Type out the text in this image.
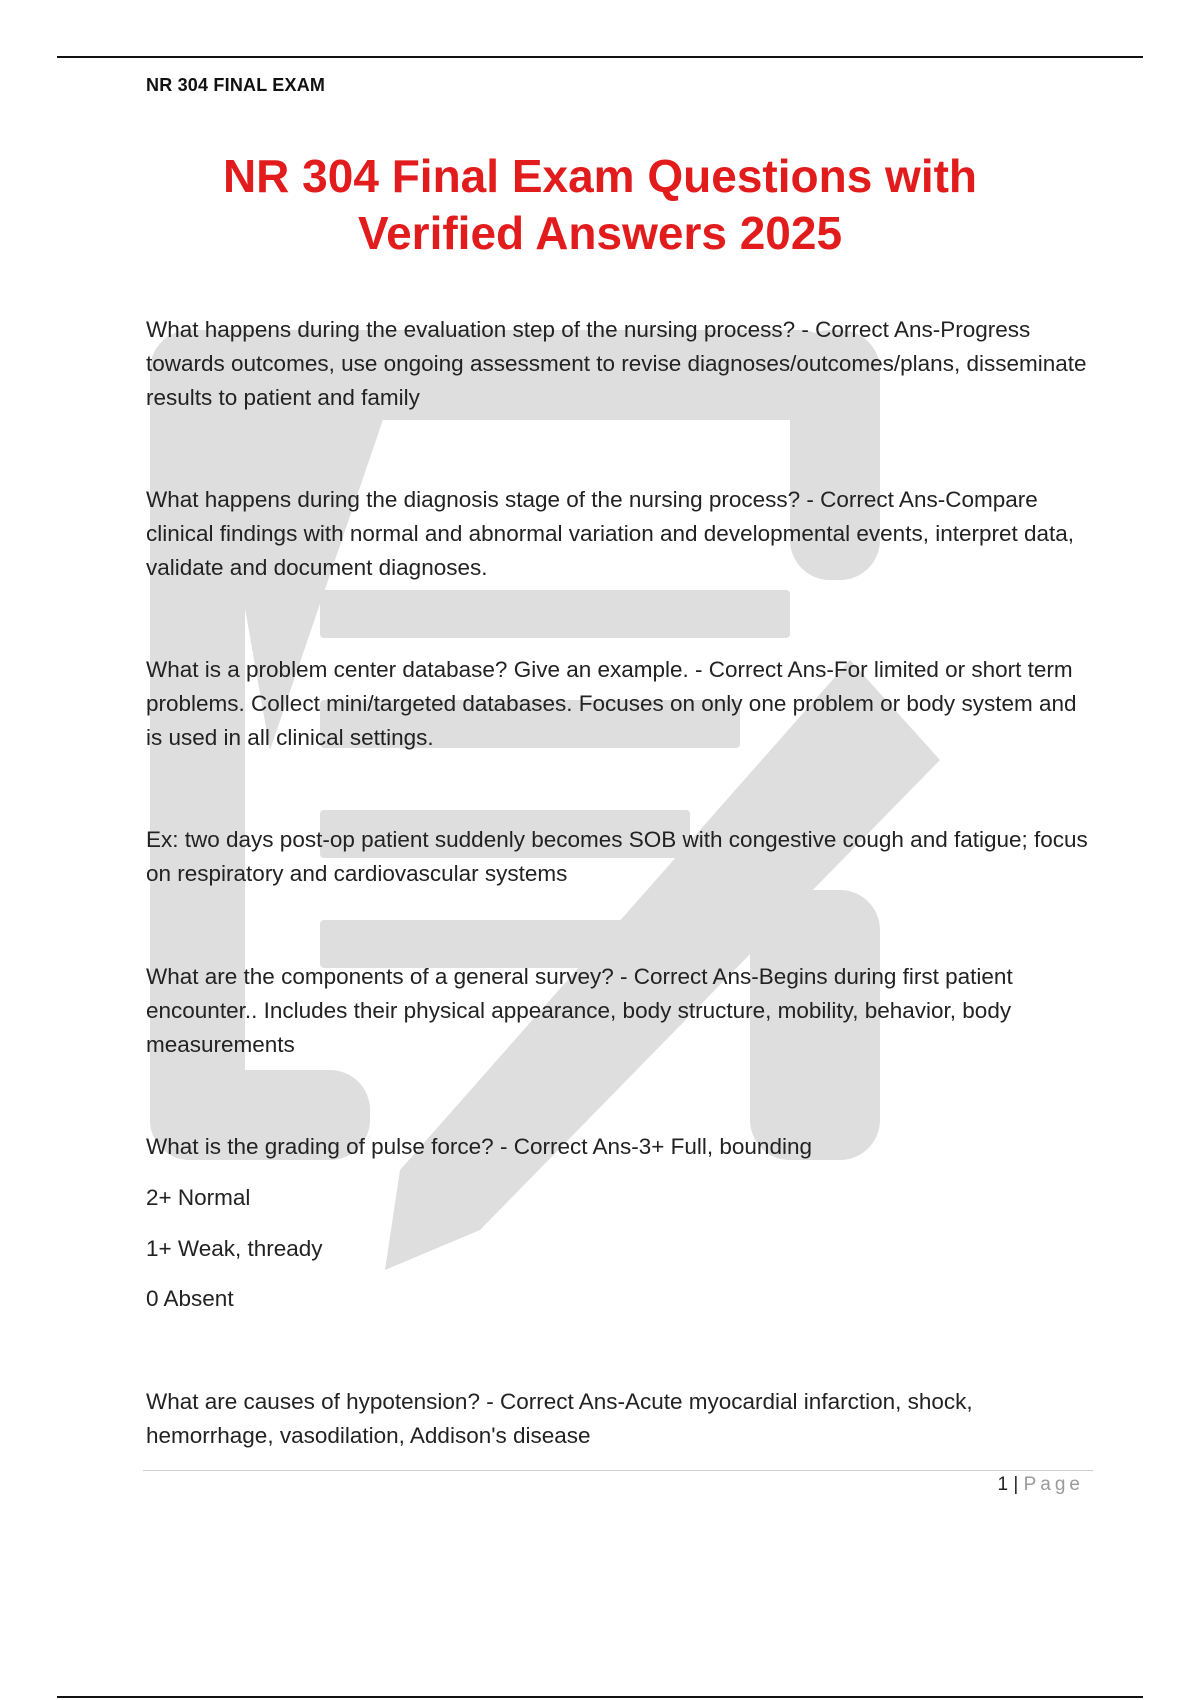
NR 304 FINAL EXAM
NR 304 Final Exam Questions with
Verified Answers 2025

What happens during the evaluation step of the nursing process? - Correct Ans-Progress towards outcomes, use ongoing assessment to revise diagnoses/outcomes/plans, disseminate results to patient and family

What happens during the diagnosis stage of the nursing process? - Correct Ans-Compare clinical findings with normal and abnormal variation and developmental events, interpret data, validate and document diagnoses.

What is a problem center database? Give an example. - Correct Ans-For limited or short term problems. Collect mini/targeted databases. Focuses on only one problem or body system and is used in all clinical settings.

Ex: two days post-op patient suddenly becomes SOB with congestive cough and fatigue; focus on respiratory and cardiovascular systems

What are the components of a general survey? - Correct Ans-Begins during first patient encounter.. Includes their physical appearance, body structure, mobility, behavior, body measurements

What is the grading of pulse force? - Correct Ans-3+ Full, bounding

2+ Normal

1+ Weak, thready

0 Absent

What are causes of hypotension? - Correct Ans-Acute myocardial infarction, shock, hemorrhage, vasodilation, Addison's disease

1 | Page
